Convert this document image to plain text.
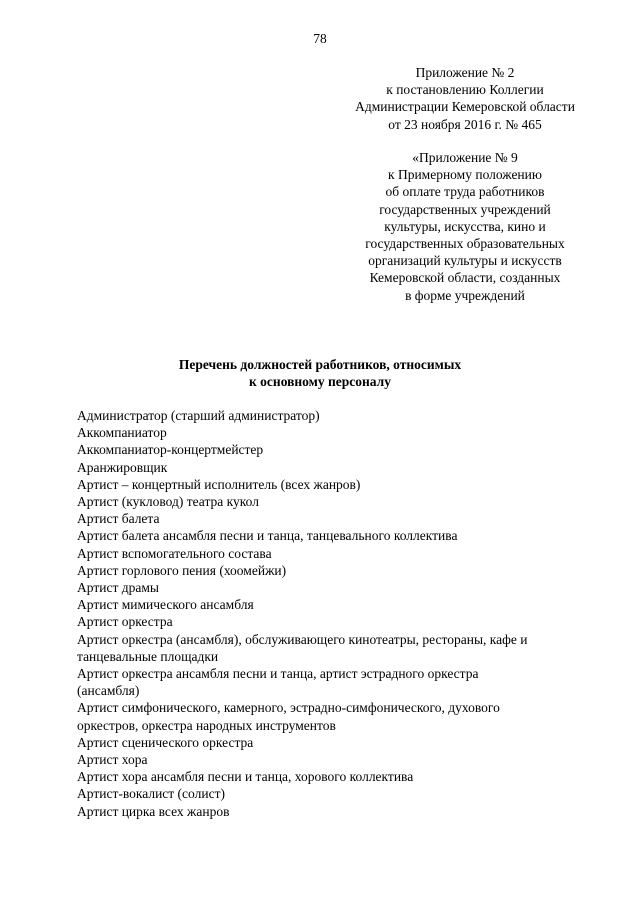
78
Приложение № 2
к постановлению Коллегии
Администрации Кемеровской области
от 23 ноября 2016 г. № 465
«Приложение № 9
к Примерному положению
об оплате труда работников
государственных учреждений
культуры, искусства, кино и
государственных образовательных
организаций культуры и искусств
Кемеровской области, созданных
в форме учреждений
Перечень должностей работников, относимых
к основному персоналу
Администратор (старший администратор)
Аккомпаниатор
Аккомпаниатор-концертмейстер
Аранжировщик
Артист – концертный исполнитель (всех жанров)
Артист (кукловод) театра кукол
Артист балета
Артист балета ансамбля песни и танца, танцевального коллектива
Артист вспомогательного состава
Артист горлового пения (хоомейжи)
Артист драмы
Артист мимического ансамбля
Артист оркестра
Артист оркестра (ансамбля), обслуживающего кинотеатры, рестораны, кафе и
танцевальные площадки
Артист оркестра ансамбля песни и танца, артист эстрадного оркестра
(ансамбля)
Артист симфонического, камерного, эстрадно-симфонического, духового
оркестров, оркестра народных инструментов
Артист сценического оркестра
Артист хора
Артист хора ансамбля песни и танца, хорового коллектива
Артист-вокалист (солист)
Артист цирка всех жанров
